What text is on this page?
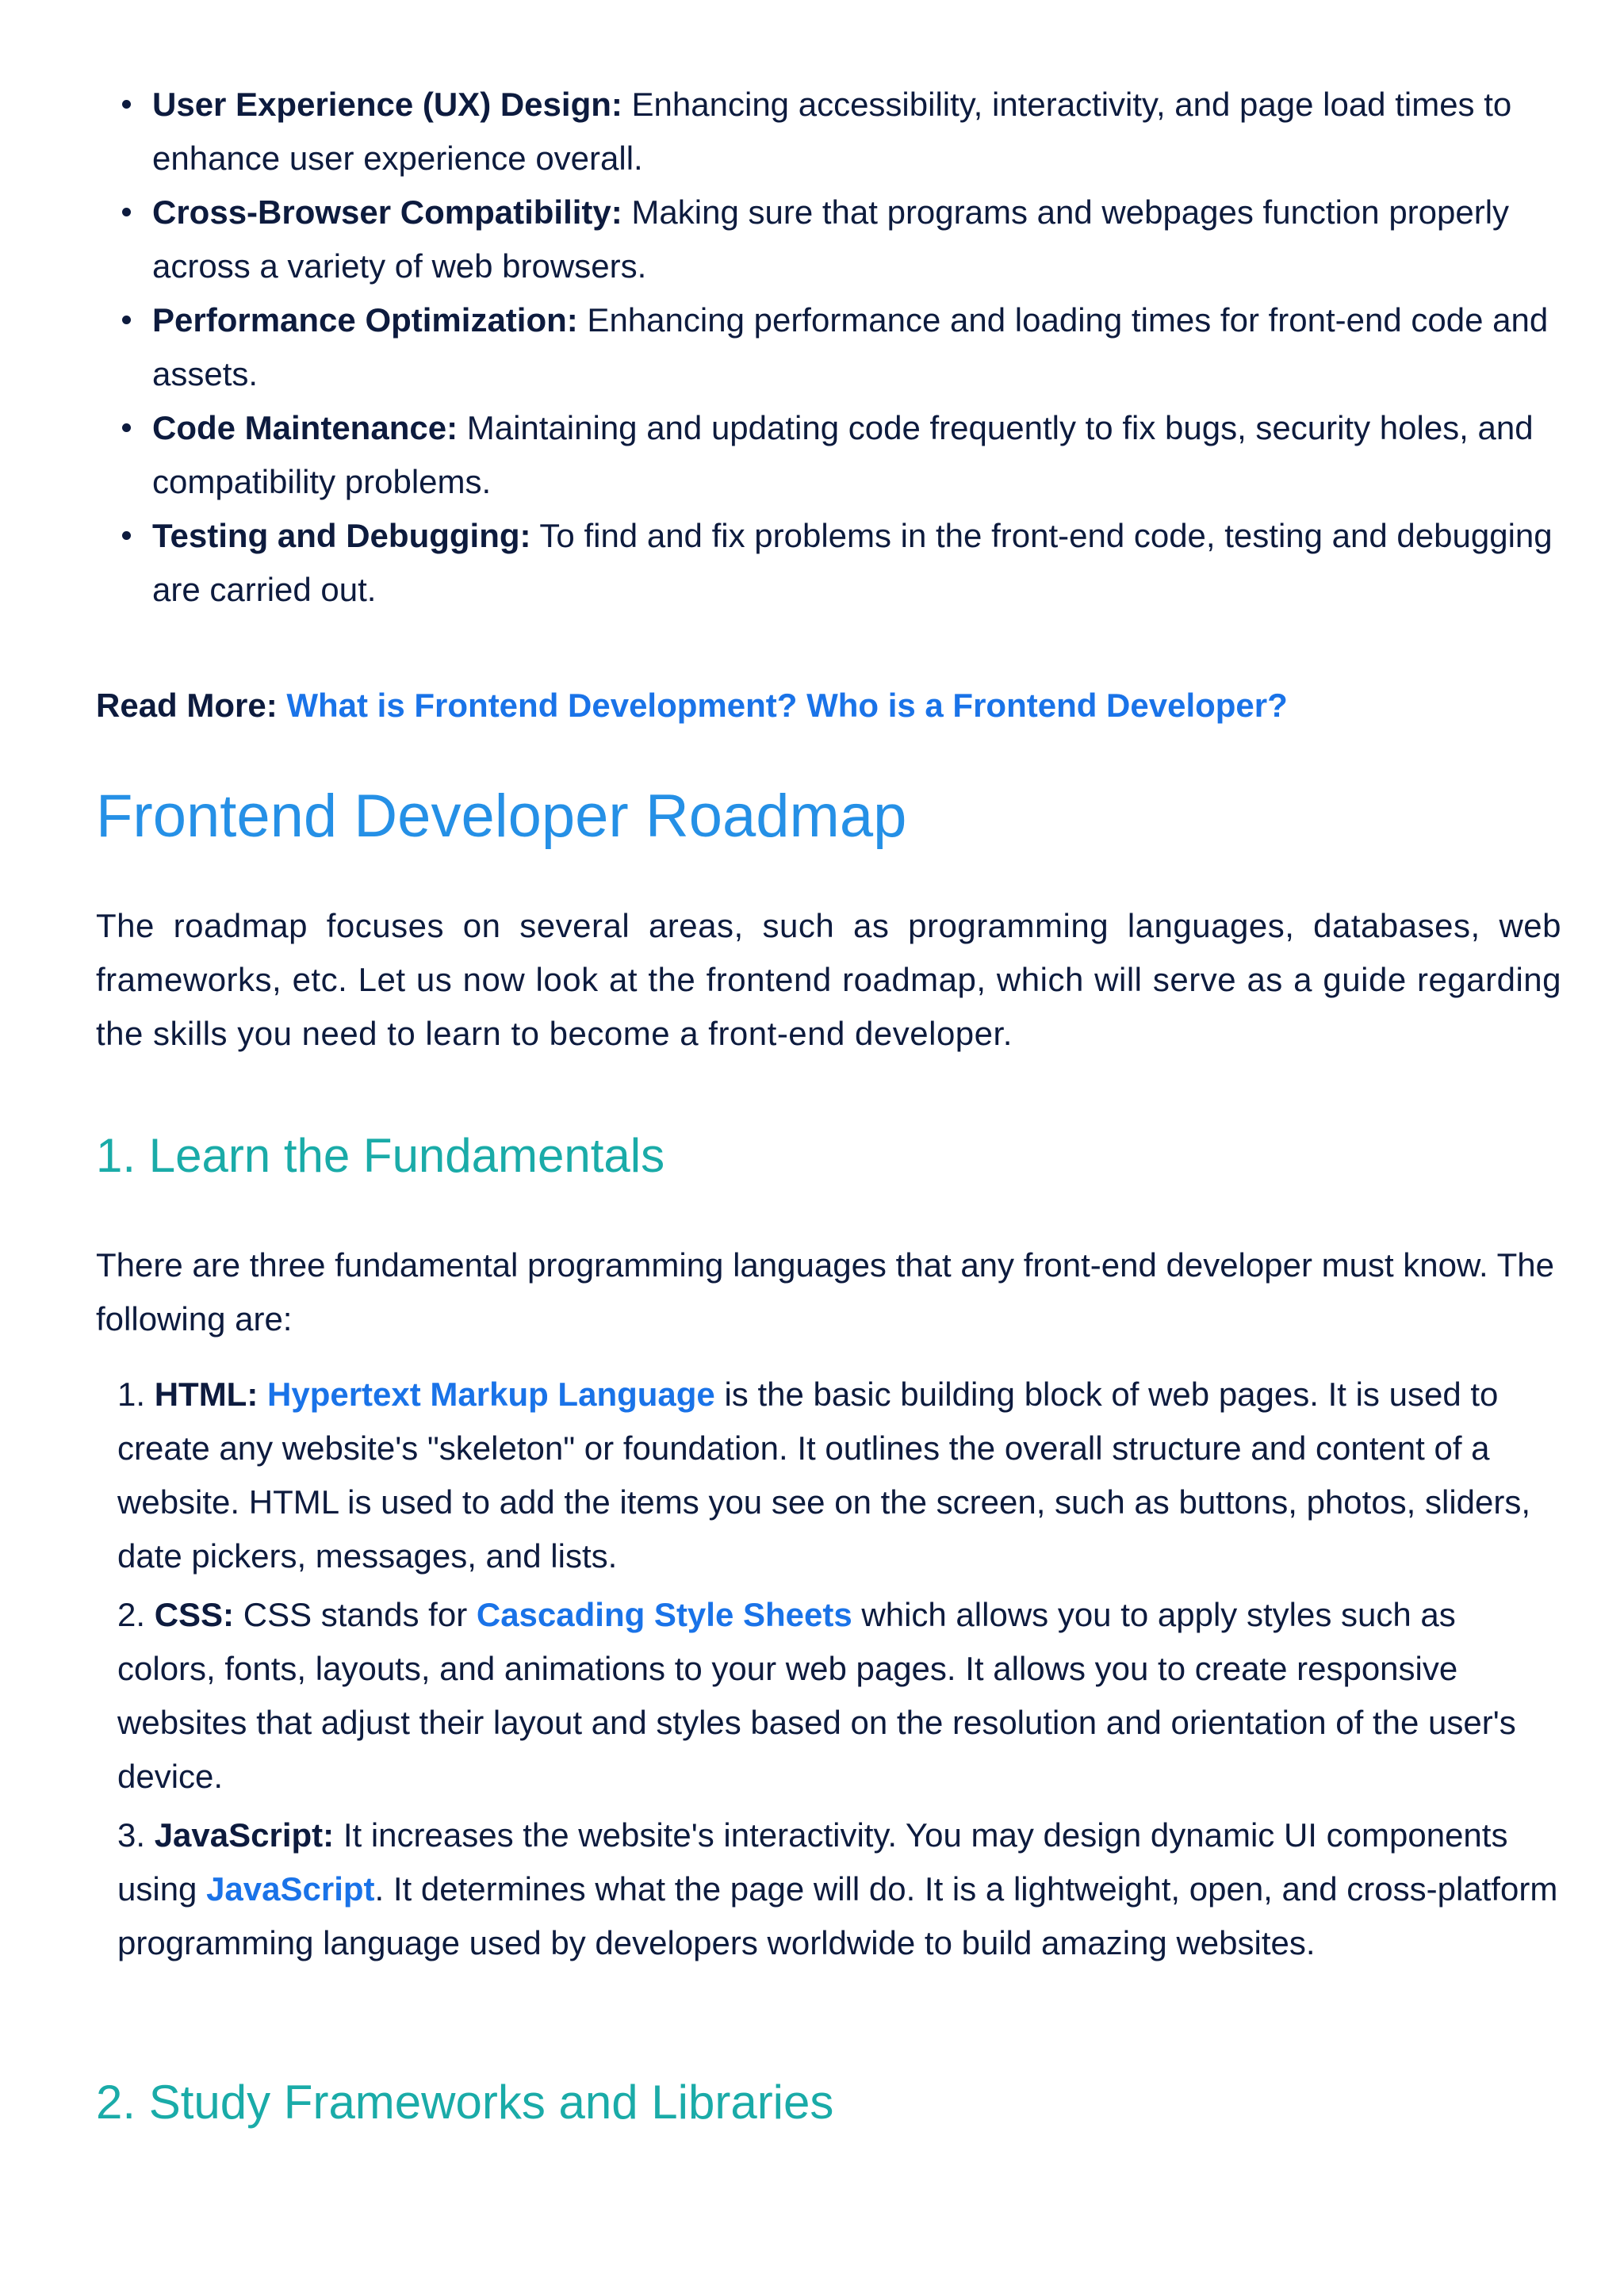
User Experience (UX) Design: Enhancing accessibility, interactivity, and page load times to enhance user experience overall.
Cross-Browser Compatibility: Making sure that programs and webpages function properly across a variety of web browsers.
Performance Optimization: Enhancing performance and loading times for front-end code and assets.
Code Maintenance: Maintaining and updating code frequently to fix bugs, security holes, and compatibility problems.
Testing and Debugging: To find and fix problems in the front-end code, testing and debugging are carried out.

Read More: What is Frontend Development? Who is a Frontend Developer?

Frontend Developer Roadmap

The roadmap focuses on several areas, such as programming languages, databases, web frameworks, etc. Let us now look at the frontend roadmap, which will serve as a guide regarding the skills you need to learn to become a front-end developer.

1. Learn the Fundamentals

There are three fundamental programming languages that any front-end developer must know. The following are:

1. HTML: Hypertext Markup Language is the basic building block of web pages. It is used to create any website's "skeleton" or foundation. It outlines the overall structure and content of a website. HTML is used to add the items you see on the screen, such as buttons, photos, sliders, date pickers, messages, and lists.
2. CSS: CSS stands for Cascading Style Sheets which allows you to apply styles such as colors, fonts, layouts, and animations to your web pages. It allows you to create responsive websites that adjust their layout and styles based on the resolution and orientation of the user's device.
3. JavaScript: It increases the website's interactivity. You may design dynamic UI components using JavaScript. It determines what the page will do. It is a lightweight, open, and cross-platform programming language used by developers worldwide to build amazing websites.
2. Study Frameworks and Libraries
